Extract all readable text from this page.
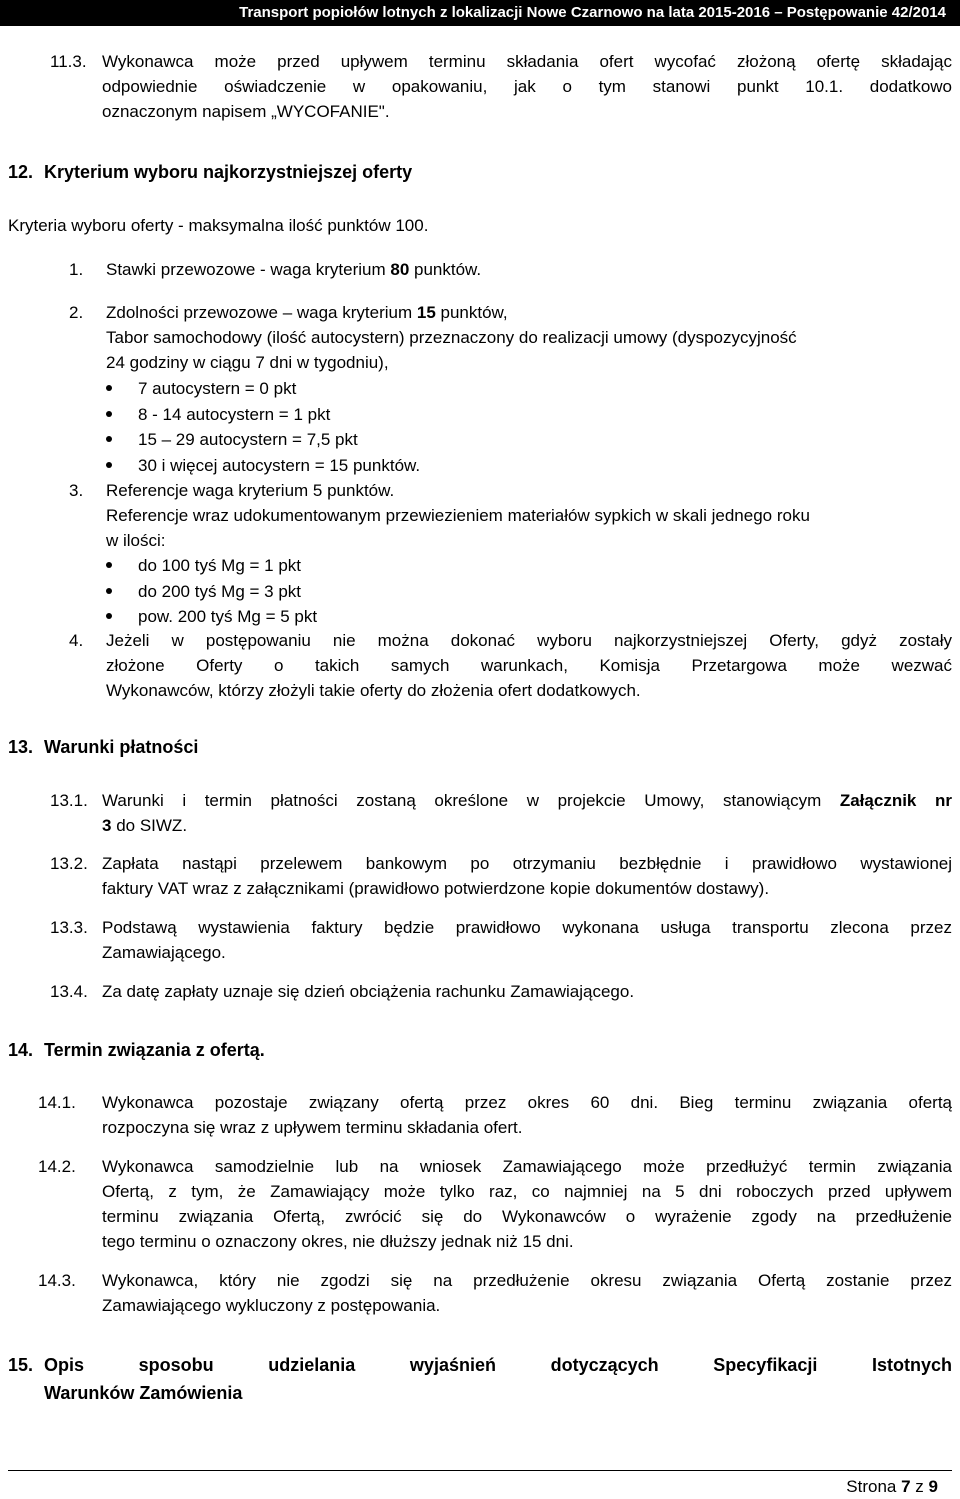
Transport popiołów lotnych z lokalizacji Nowe Czarnowo na lata 2015-2016 – Postępowanie 42/2014
11.3. Wykonawca może przed upływem terminu składania ofert wycofać złożoną ofertę składając
odpowiednie oświadczenie w opakowaniu, jak o tym stanowi punkt 10.1. dodatkowo
oznaczonym napisem „WYCOFANIE".
12. Kryterium wyboru najkorzystniejszej oferty
Kryteria wyboru oferty - maksymalna ilość punktów 100.
1. Stawki przewozowe - waga kryterium 80 punktów.
2. Zdolności przewozowe – waga kryterium 15 punktów,
Tabor samochodowy (ilość autocystern) przeznaczony do realizacji umowy (dyspozycyjność
24 godziny w ciągu 7 dni w tygodniu),
7 autocystern = 0 pkt
8 - 14 autocystern = 1 pkt
15 – 29 autocystern = 7,5 pkt
30 i więcej autocystern = 15 punktów.
3. Referencje waga kryterium 5 punktów.
Referencje wraz udokumentowanym przewiezieniem materiałów sypkich w skali jednego roku
w ilości:
do 100 tyś Mg = 1 pkt
do 200 tyś Mg = 3 pkt
pow. 200 tyś Mg = 5 pkt
4. Jeżeli w postępowaniu nie można dokonać wyboru najkorzystniejszej Oferty, gdyż zostały
złożone Oferty o takich samych warunkach, Komisja Przetargowa może wezwać
Wykonawców, którzy złożyli takie oferty do złożenia ofert dodatkowych.
13. Warunki płatności
13.1. Warunki i termin płatności zostaną określone w projekcie Umowy, stanowiącym Załącznik nr
3 do SIWZ.
13.2. Zapłata nastąpi przelewem bankowym po otrzymaniu bezbłędnie i prawidłowo wystawionej
faktury VAT wraz z załącznikami (prawidłowo potwierdzone kopie dokumentów dostawy).
13.3. Podstawą wystawienia faktury będzie prawidłowo wykonana usługa transportu zlecona przez
Zamawiającego.
13.4. Za datę zapłaty uznaje się dzień obciążenia rachunku Zamawiającego.
14. Termin związania z ofertą.
14.1. Wykonawca pozostaje związany ofertą przez okres 60 dni. Bieg terminu związania ofertą
rozpoczyna się wraz z upływem terminu składania ofert.
14.2. Wykonawca samodzielnie lub na wniosek Zamawiającego może przedłużyć termin związania
Ofertą, z tym, że Zamawiający może tylko raz, co najmniej na 5 dni roboczych przed upływem
terminu związania Ofertą, zwrócić się do Wykonawców o wyrażenie zgody na przedłużenie
tego terminu o oznaczony okres, nie dłuższy jednak niż 15 dni.
14.3. Wykonawca, który nie zgodzi się na przedłużenie okresu związania Ofertą zostanie przez
Zamawiającego wykluczony z postępowania.
15. Opis sposobu udzielania wyjaśnień dotyczących Specyfikacji Istotnych
Warunków Zamówienia
Strona 7 z 9
